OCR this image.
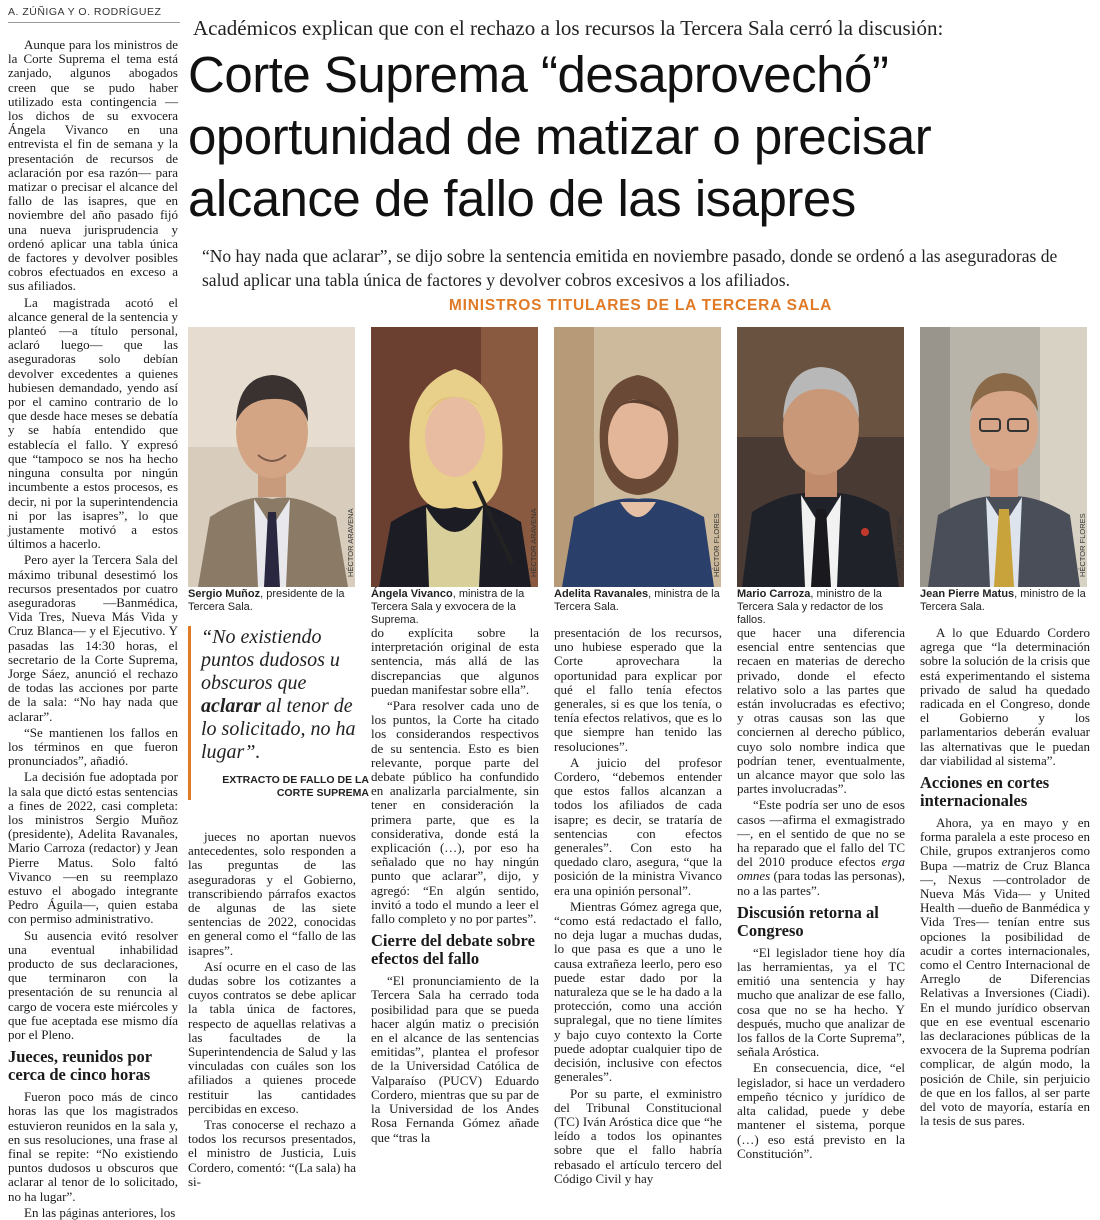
A. ZÚÑIGA Y O. RODRÍGUEZ
Académicos explican que con el rechazo a los recursos la Tercera Sala cerró la discusión:
Corte Suprema “desaprovechó”
oportunidad de matizar o precisar
alcance de fallo de las isapres
“No hay nada que aclarar”, se dijo sobre la sentencia emitida en noviembre pasado, donde se ordenó a las aseguradoras de salud aplicar una tabla única de factores y devolver cobros excesivos a los afiliados.
MINISTROS TITULARES DE LA TERCERA SALA

Aunque para los ministros de la Corte Suprema el tema está zanjado, algunos abogados creen que se pudo haber utilizado esta contingencia —los dichos de su exvocera Ángela Vivanco en una entrevista el fin de semana y la presentación de recursos de aclaración por esa razón— para matizar o precisar el alcance del fallo de las isapres, que en noviembre del año pasado fijó una nueva jurisprudencia y ordenó aplicar una tabla única de factores y devolver posibles cobros efectuados en exceso a sus afiliados.

La magistrada acotó el alcance general de la sentencia y planteó —a título personal, aclaró luego— que las aseguradoras solo debían devolver excedentes a quienes hubiesen demandado, yendo así por el camino contrario de lo que desde hace meses se debatía y se había entendido que establecía el fallo. Y expresó que “tampoco se nos ha hecho ninguna consulta por ningún incumbente a estos procesos, es decir, ni por la superintendencia ni por las isapres”, lo que justamente motivó a estos últimos a hacerlo.

Pero ayer la Tercera Sala del máximo tribunal desestimó los recursos presentados por cuatro aseguradoras —Banmédica, Vida Tres, Nueva Más Vida y Cruz Blanca— y el Ejecutivo. Y pasadas las 14:30 horas, el secretario de la Corte Suprema, Jorge Sáez, anunció el rechazo de todas las acciones por parte de la sala: “No hay nada que aclarar”.

“Se mantienen los fallos en los términos en que fueron pronunciados”, añadió.

La decisión fue adoptada por la sala que dictó estas sentencias a fines de 2022, casi completa: los ministros Sergio Muñoz (presidente), Adelita Ravanales, Mario Carroza (redactor) y Jean Pierre Matus. Solo faltó Vivanco —en su reemplazo estuvo el abogado integrante Pedro Águila—, quien estaba con permiso administrativo.

Su ausencia evitó resolver una eventual inhabilidad producto de sus declaraciones, que terminaron con la presentación de su renuncia al cargo de vocera este miércoles y que fue aceptada ese mismo día por el Pleno.

Jueces, reunidos por cerca de cinco horas

Fueron poco más de cinco horas las que los magistrados estuvieron reunidos en la sala y, en sus resoluciones, una frase al final se repite: “No existiendo puntos dudosos u obscuros que aclarar al tenor de lo solicitado, no ha lugar”.

En las páginas anteriores, los

HÉCTOR ARAVENA	HÉCTOR ARAVENA	HÉCTOR FLORES	PODER JUDICIAL	HÉCTOR FLORES
Sergio Muñoz, presidente de la Tercera Sala.
Ángela Vivanco, ministra de la Tercera Sala y exvocera de la Suprema.
Adelita Ravanales, ministra de la Tercera Sala.
Mario Carroza, ministro de la Tercera Sala y redactor de los fallos.
Jean Pierre Matus, ministro de la Tercera Sala.
“No existiendo puntos dudosos u obscuros que aclarar al tenor de lo solicitado, no ha lugar”.
EXTRACTO DE FALLO DE LA CORTE SUPREMA

jueces no aportan nuevos antecedentes, solo responden a las preguntas de las aseguradoras y el Gobierno, transcribiendo párrafos exactos de algunas de las siete sentencias de 2022, conocidas en general como el “fallo de las isapres”.

Así ocurre en el caso de las dudas sobre los cotizantes a cuyos contratos se debe aplicar la tabla única de factores, respecto de aquellas relativas a las facultades de la Superintendencia de Salud y las vinculadas con cuáles son los afiliados a quienes procede restituir las cantidades percibidas en exceso.

Tras conocerse el rechazo a todos los recursos presentados, el ministro de Justicia, Luis Cordero, comentó: “(La sala) ha si-

do explícita sobre la interpretación original de esta sentencia, más allá de las discrepancias que algunos puedan manifestar sobre ella”.

“Para resolver cada uno de los puntos, la Corte ha citado los considerandos respectivos de su sentencia. Esto es bien relevante, porque parte del debate público ha confundido en analizarla parcialmente, sin tener en consideración la primera parte, que es la considerativa, donde está la explicación (…), por eso ha señalado que no hay ningún punto que aclarar”, dijo, y agregó: “En algún sentido, invitó a todo el mundo a leer el fallo completo y no por partes”.

Cierre del debate sobre efectos del fallo

“El pronunciamiento de la Tercera Sala ha cerrado toda posibilidad para que se pueda hacer algún matiz o precisión en el alcance de las sentencias emitidas”, plantea el profesor de la Universidad Católica de Valparaíso (PUCV) Eduardo Cordero, mientras que su par de la Universidad de los Andes Rosa Fernanda Gómez añade que “tras la

presentación de los recursos, uno hubiese esperado que la Corte aprovechara la oportunidad para explicar por qué el fallo tenía efectos generales, si es que los tenía, o tenía efectos relativos, que es lo que siempre han tenido las resoluciones”.

A juicio del profesor Cordero, “debemos entender que estos fallos alcanzan a todos los afiliados de cada isapre; es decir, se trataría de sentencias con efectos generales”. Con esto ha quedado claro, asegura, “que la posición de la ministra Vivanco era una opinión personal”.

Mientras Gómez agrega que, “como está redactado el fallo, no deja lugar a muchas dudas, lo que pasa es que a uno le causa extrañeza leerlo, pero eso puede estar dado por la naturaleza que se le ha dado a la protección, como una acción supralegal, que no tiene límites y bajo cuyo contexto la Corte puede adoptar cualquier tipo de decisión, inclusive con efectos generales”.

Por su parte, el exministro del Tribunal Constitucional (TC) Iván Aróstica dice que “he leído a todos los opinantes sobre que el fallo habría rebasado el artículo tercero del Código Civil y hay

que hacer una diferencia esencial entre sentencias que recaen en materias de derecho privado, donde el efecto relativo solo a las partes que están involucradas es efectivo; y otras causas son las que conciernen al derecho público, cuyo solo nombre indica que podrían tener, eventualmente, un alcance mayor que solo las partes involucradas”.

“Este podría ser uno de esos casos —afirma el exmagistrado—, en el sentido de que no se ha reparado que el fallo del TC del 2010 produce efectos erga omnes (para todas las personas), no a las partes”.

Discusión retorna al Congreso

“El legislador tiene hoy día las herramientas, ya el TC emitió una sentencia y hay mucho que analizar de ese fallo, cosa que no se ha hecho. Y después, mucho que analizar de los fallos de la Corte Suprema”, señala Aróstica.

En consecuencia, dice, “el legislador, si hace un verdadero empeño técnico y jurídico de alta calidad, puede y debe mantener el sistema, porque (…) eso está previsto en la Constitución”.

A lo que Eduardo Cordero agrega que “la determinación sobre la solución de la crisis que está experimentando el sistema privado de salud ha quedado radicada en el Congreso, donde el Gobierno y los parlamentarios deberán evaluar las alternativas que le puedan dar viabilidad al sistema”.

Acciones en cortes internacionales

Ahora, ya en mayo y en forma paralela a este proceso en Chile, grupos extranjeros como Bupa —matriz de Cruz Blanca—, Nexus —controlador de Nueva Más Vida— y United Health —dueño de Banmédica y Vida Tres— tenían entre sus opciones la posibilidad de acudir a cortes internacionales, como el Centro Internacional de Arreglo de Diferencias Relativas a Inversiones (Ciadi). En el mundo jurídico observan que en ese eventual escenario las declaraciones públicas de la exvocera de la Suprema podrían complicar, de algún modo, la posición de Chile, sin perjuicio de que en los fallos, al ser parte del voto de mayoría, estaría en la tesis de sus pares.
